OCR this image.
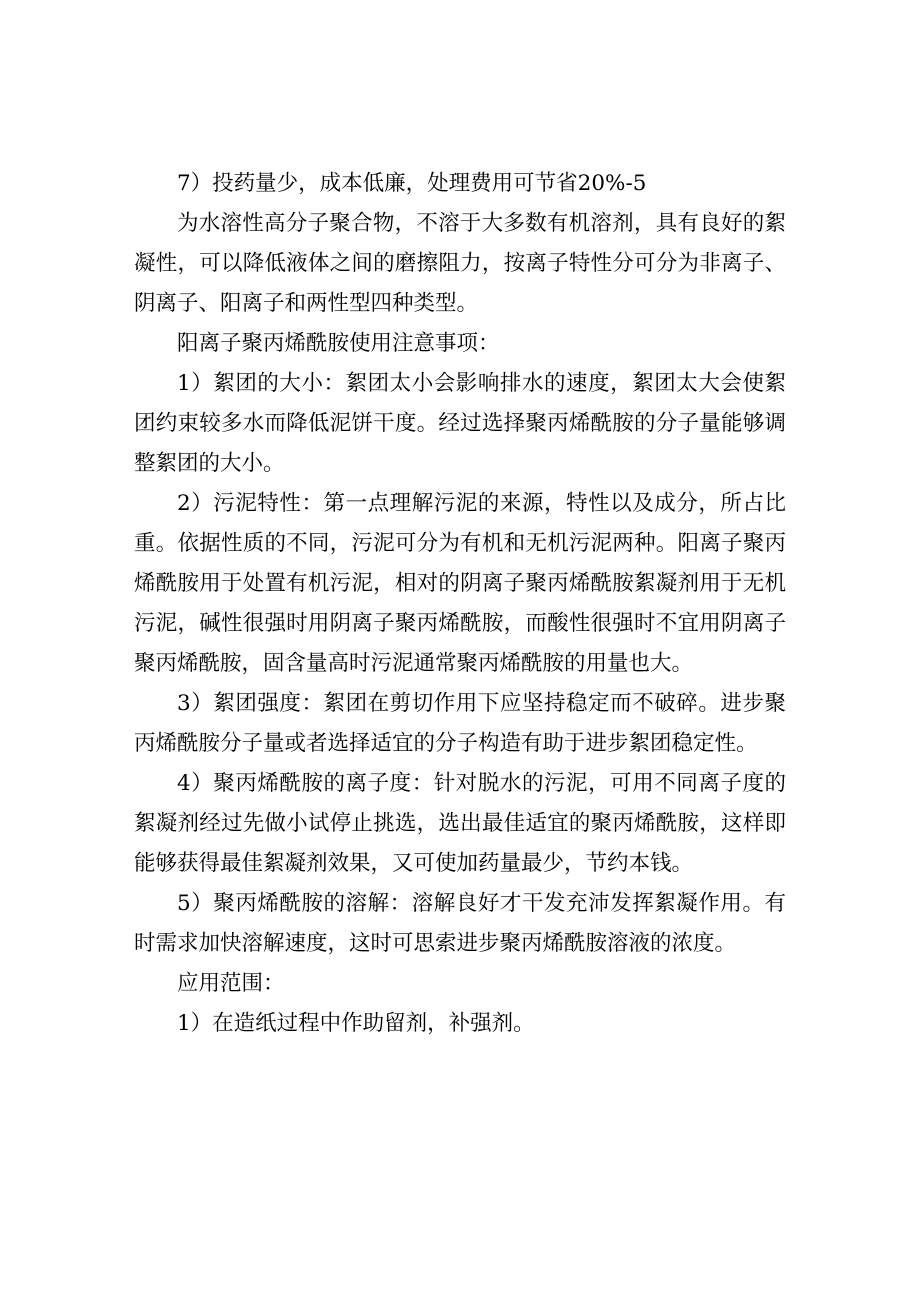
7）投药量少，成本低廉，处理费用可节省20%-5

为水溶性高分子聚合物，不溶于大多数有机溶剂，具有良好的絮凝性，可以降低液体之间的磨擦阻力，按离子特性分可分为非离子、阴离子、阳离子和两性型四种类型。

阳离子聚丙烯酰胺使用注意事项：

1）絮团的大小：絮团太小会影响排水的速度，絮团太大会使絮团约束较多水而降低泥饼干度。经过选择聚丙烯酰胺的分子量能够调整絮团的大小。

2）污泥特性：第一点理解污泥的来源，特性以及成分，所占比重。依据性质的不同，污泥可分为有机和无机污泥两种。阳离子聚丙烯酰胺用于处置有机污泥，相对的阴离子聚丙烯酰胺絮凝剂用于无机污泥，碱性很强时用阴离子聚丙烯酰胺，而酸性很强时不宜用阴离子聚丙烯酰胺，固含量高时污泥通常聚丙烯酰胺的用量也大。

3）絮团强度：絮团在剪切作用下应坚持稳定而不破碎。进步聚丙烯酰胺分子量或者选择适宜的分子构造有助于进步絮团稳定性。

4）聚丙烯酰胺的离子度：针对脱水的污泥，可用不同离子度的絮凝剂经过先做小试停止挑选，选出最佳适宜的聚丙烯酰胺，这样即能够获得最佳絮凝剂效果，又可使加药量最少，节约本钱。

5）聚丙烯酰胺的溶解：溶解良好才干发充沛发挥絮凝作用。有时需求加快溶解速度，这时可思索进步聚丙烯酰胺溶液的浓度。

应用范围：

1）在造纸过程中作助留剂，补强剂。
